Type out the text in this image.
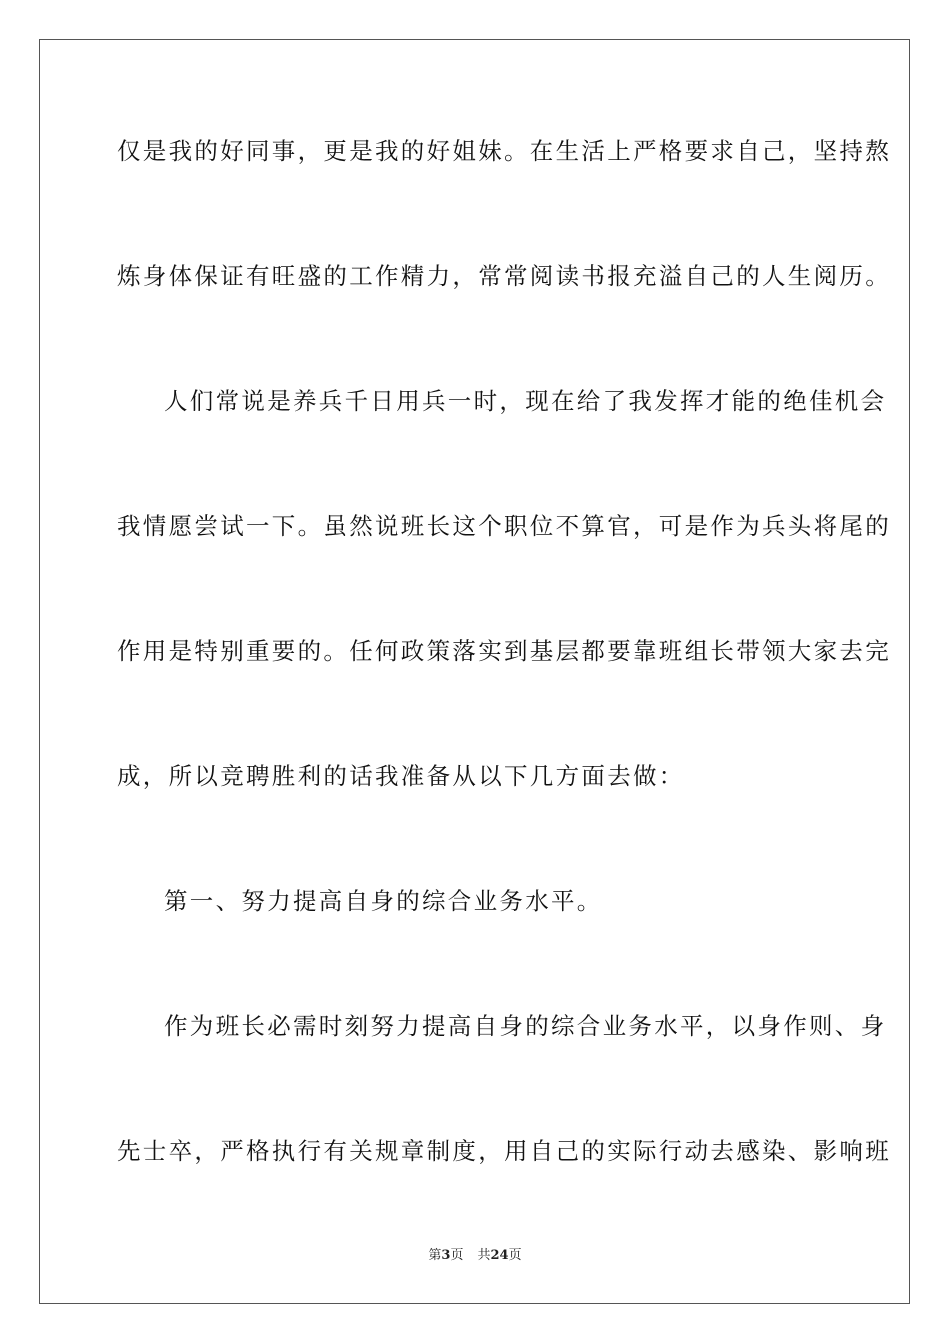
仅是我的好同事，更是我的好姐妹。在生活上严格要求自己，坚持熬
炼身体保证有旺盛的工作精力，常常阅读书报充溢自己的人生阅历。
人们常说是养兵千日用兵一时，现在给了我发挥才能的绝佳机会
我情愿尝试一下。虽然说班长这个职位不算官，可是作为兵头将尾的
作用是特别重要的。任何政策落实到基层都要靠班组长带领大家去完
成，所以竞聘胜利的话我准备从以下几方面去做：
第一、努力提高自身的综合业务水平。
作为班长必需时刻努力提高自身的综合业务水平，以身作则、身
先士卒，严格执行有关规章制度，用自己的实际行动去感染、影响班
第3页 共24页
